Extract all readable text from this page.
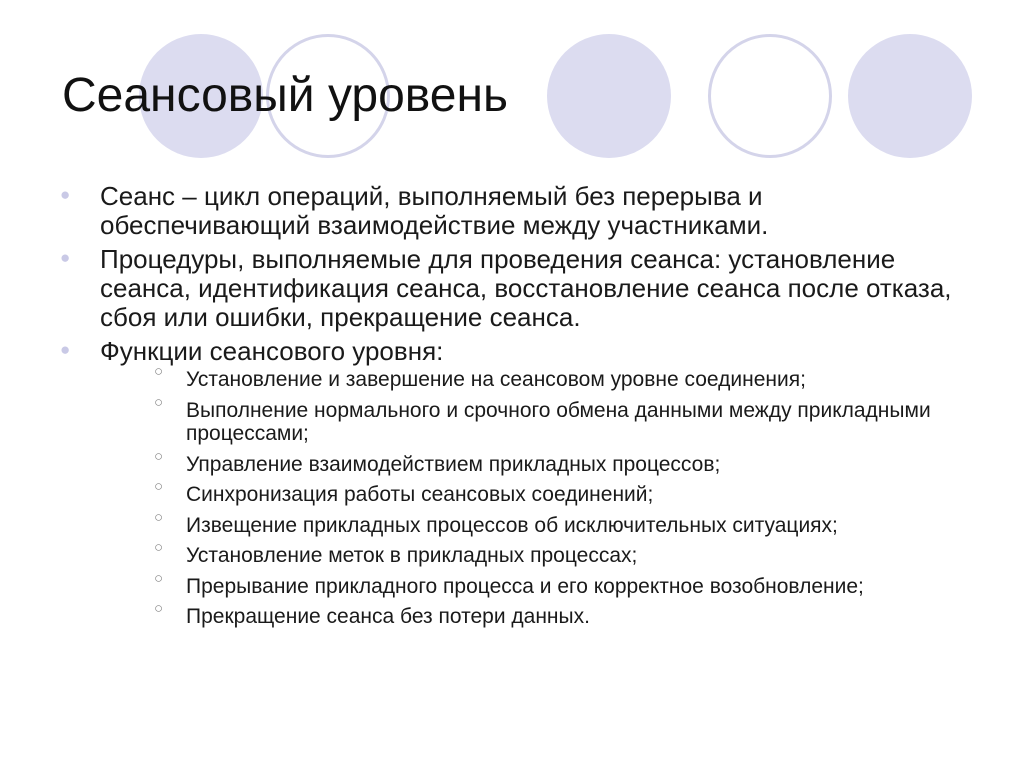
Сеансовый уровень
● Сеанс – цикл операций, выполняемый без перерыва и обеспечивающий взаимодействие между участниками.
● Процедуры, выполняемые для проведения сеанса: установление сеанса, идентификация сеанса, восстановление сеанса после отказа, сбоя или ошибки, прекращение сеанса.
● Функции сеансового уровня:
○ Установление и завершение на сеансовом уровне соединения;
○ Выполнение нормального и срочного обмена данными между прикладными процессами;
○ Управление взаимодействием прикладных процессов;
○ Синхронизация работы сеансовых соединений;
○ Извещение прикладных процессов об исключительных ситуациях;
○ Установление меток в прикладных процессах;
○ Прерывание прикладного процесса и его корректное возобновление;
○ Прекращение сеанса без потери данных.
